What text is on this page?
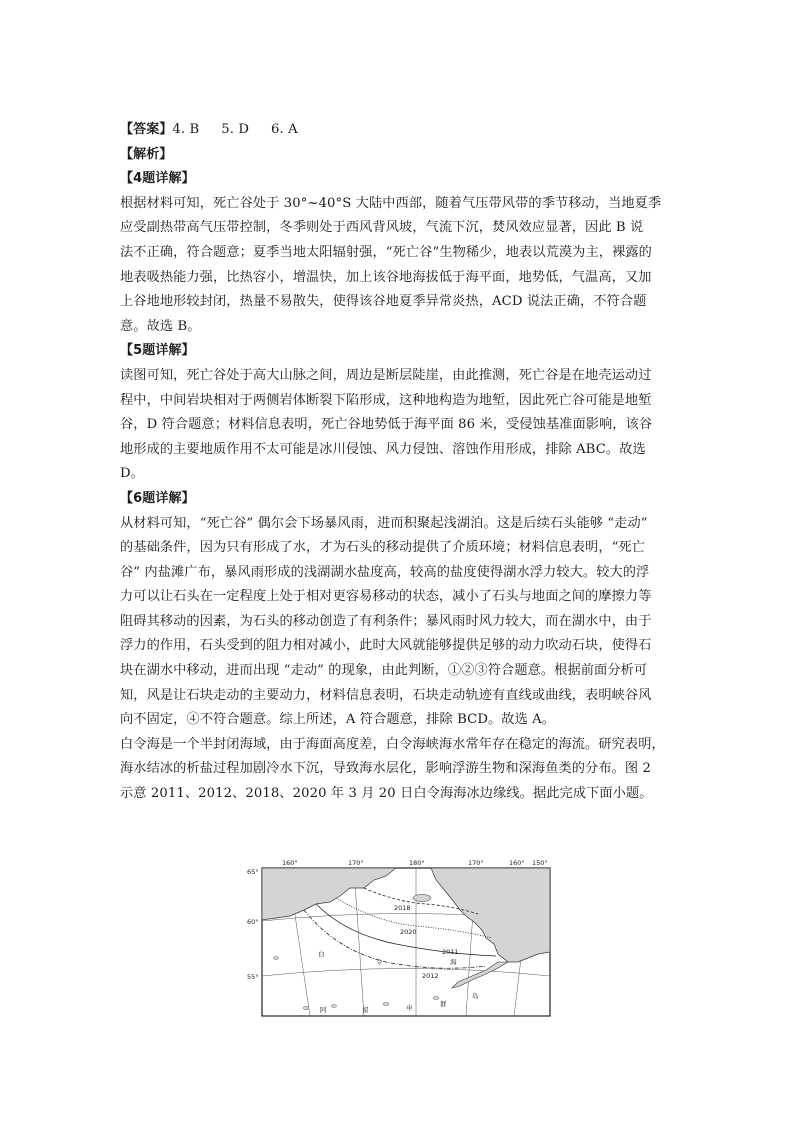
【答案】4. B 5. D 6. A
【解析】
【4题详解】
根据材料可知，死亡谷处于 30°~40°S 大陆中西部，随着气压带风带的季节移动，当地夏季
应受副热带高气压带控制，冬季则处于西风背风坡，气流下沉，焚风效应显著，因此 B 说
法不正确，符合题意；夏季当地太阳辐射强，“死亡谷”生物稀少，地表以荒漠为主，裸露的
地表吸热能力强，比热容小，增温快，加上该谷地海拔低于海平面，地势低，气温高，又加
上谷地地形较封闭，热量不易散失，使得该谷地夏季异常炎热，ACD 说法正确，不符合题
意。故选 B。
【5题详解】
读图可知，死亡谷处于高大山脉之间，周边是断层陡崖，由此推测，死亡谷是在地壳运动过
程中，中间岩块相对于两侧岩体断裂下陷形成，这种地构造为地堑，因此死亡谷可能是地堑
谷，D 符合题意；材料信息表明，死亡谷地势低于海平面 86 米，受侵蚀基准面影响，该谷
地形成的主要地质作用不太可能是冰川侵蚀、风力侵蚀、溶蚀作用形成，排除 ABC。故选
D。
【6题详解】
从材料可知，“死亡谷” 偶尔会下场暴风雨，进而积聚起浅湖泊。这是后续石头能够 “走动”
的基础条件，因为只有形成了水，才为石头的移动提供了介质环境；材料信息表明，“死亡
谷” 内盐滩广布，暴风雨形成的浅湖湖水盐度高，较高的盐度使得湖水浮力较大。较大的浮
力可以让石头在一定程度上处于相对更容易移动的状态，减小了石头与地面之间的摩擦力等
阻碍其移动的因素，为石头的移动创造了有利条件；暴风雨时风力较大，而在湖水中，由于
浮力的作用，石头受到的阻力相对减小，此时大风就能够提供足够的动力吹动石块，使得石
块在湖水中移动，进而出现 “走动” 的现象，由此判断，①②③符合题意。根据前面分析可
知，风是让石块走动的主要动力，材料信息表明，石块走动轨迹有直线或曲线，表明峡谷风
向不固定，④不符合题意。综上所述，A 符合题意，排除 BCD。故选 A。
白令海是一个半封闭海域，由于海面高度差，白令海峡海水常年存在稳定的海流。研究表明，
海水结冰的析盐过程加剧冷水下沉，导致海水层化，影响浮游生物和深海鱼类的分布。图 2
示意 2011、2012、2018、2020 年 3 月 20 日白令海海冰边缘线。据此完成下面小题。
160°	170°	180°	170°	160° 150°
65°
60°
55°
2018
2020
2011
2012
白
令	海
阿	留	申	群
岛
